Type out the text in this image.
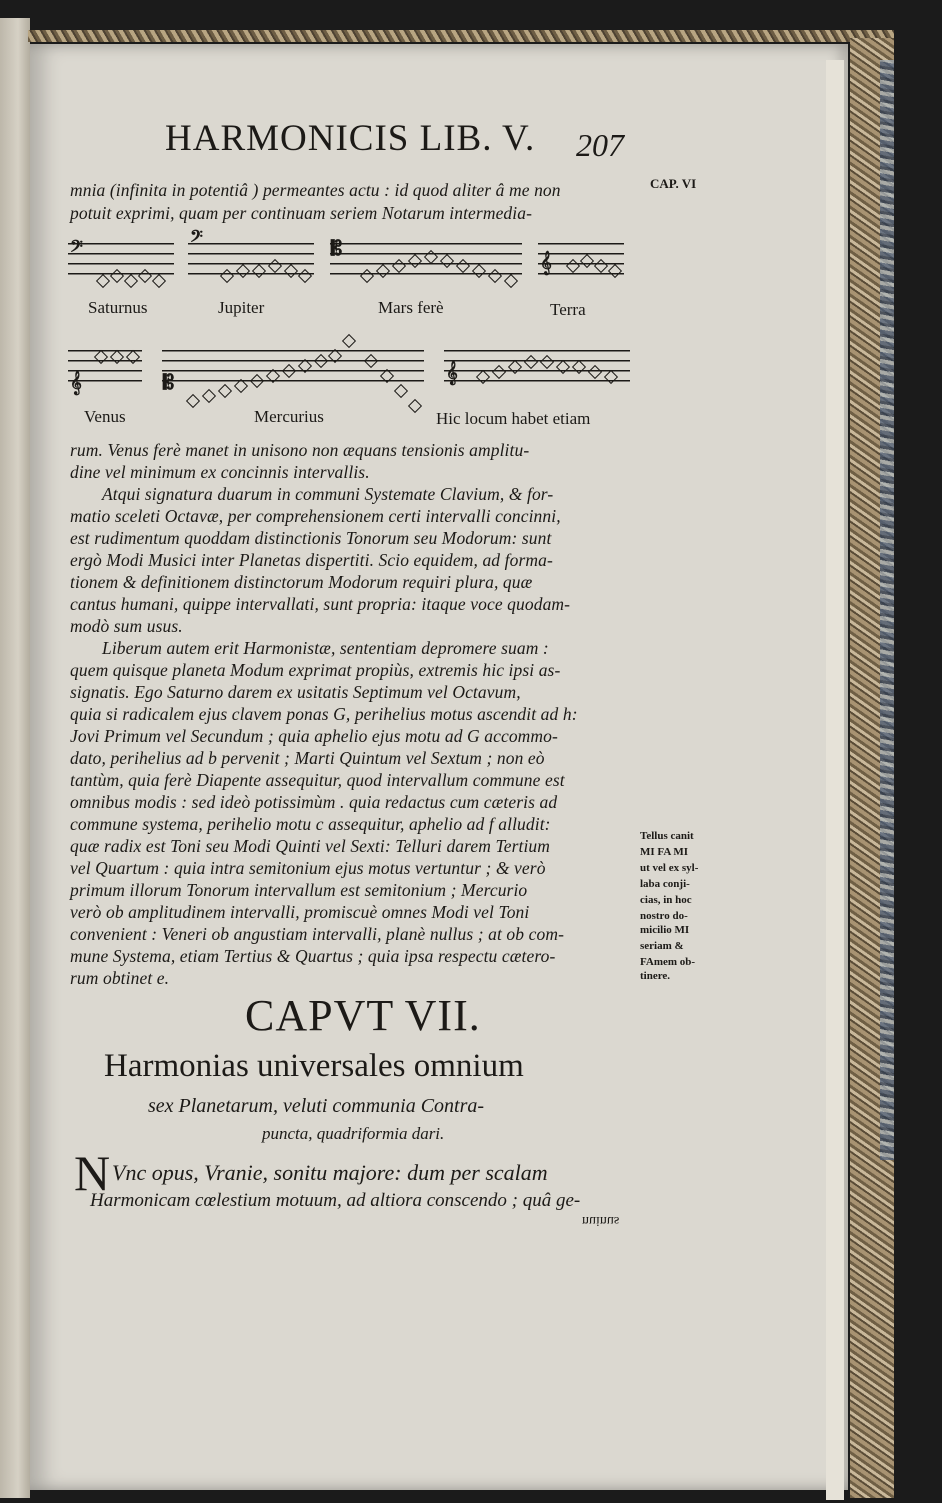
HARMONICIS LIB. V. 207
CAP. VI
mnia (infinita in potentiâ ) permeantes actu : id quod aliter â me non
potuit exprimi, quam per continuam seriem Notarum intermedia-
𝄢	𝄢	𝄡
𝄞
Saturnus	Jupiter	Mars ferè	Terra
𝄞	𝄡	𝄞
Venus	Mercurius	Hic locum habet etiam
rum. Venus ferè manet in unisono non æquans tensionis amplitu-
dine vel minimum ex concinnis intervallis.
Atqui signatura duarum in communi Systemate Clavium, & for-
matio sceleti Octavæ, per comprehensionem certi intervalli concinni,
est rudimentum quoddam distinctionis Tonorum seu Modorum: sunt
ergò Modi Musici inter Planetas dispertiti. Scio equidem, ad forma-
tionem & definitionem distinctorum Modorum requiri plura, quæ
cantus humani, quippe intervallati, sunt propria: itaque voce quodam-
modò sum usus.
Liberum autem erit Harmonistæ, sententiam depromere suam :
quem quisque planeta Modum exprimat propiùs, extremis hic ipsi as-
signatis. Ego Saturno darem ex usitatis Septimum vel Octavum,
quia si radicalem ejus clavem ponas G, perihelius motus ascendit ad h:
Jovi Primum vel Secundum ; quia aphelio ejus motu ad G accommo-
dato, perihelius ad b pervenit ; Marti Quintum vel Sextum ; non eò
tantùm, quia ferè Diapente assequitur, quod intervallum commune est
omnibus modis : sed ideò potissimùm . quia redactus cum cæteris ad
commune systema, perihelio motu c assequitur, aphelio ad f alludit:
quæ radix est Toni seu Modi Quinti vel Sexti: Telluri darem Tertium
vel Quartum : quia intra semitonium ejus motus vertuntur ; & verò
primum illorum Tonorum intervallum est semitonium ; Mercurio
verò ob amplitudinem intervalli, promiscuè omnes Modi vel Toni
convenient : Veneri ob angustiam intervalli, planè nullus ; at ob com-
mune Systema, etiam Tertius & Quartus ; quia ipsa respectu cætero-
rum obtinet e.
Tellus canit
MI FA MI
ut vel ex syl-
laba conji-
cias, in hoc
nostro do-
micilio MI
seriam &
FAmem ob-
tinere.
CAPVT VII.
Harmonias universales omnium
sex Planetarum, veluti communia Contra-
puncta, quadriformia dari.
N Vnc opus, Vranie, sonitu majore: dum per scalam
Harmonicam cœlestium motuum, ad altiora conscendo ; quâ ge-
nuinus
